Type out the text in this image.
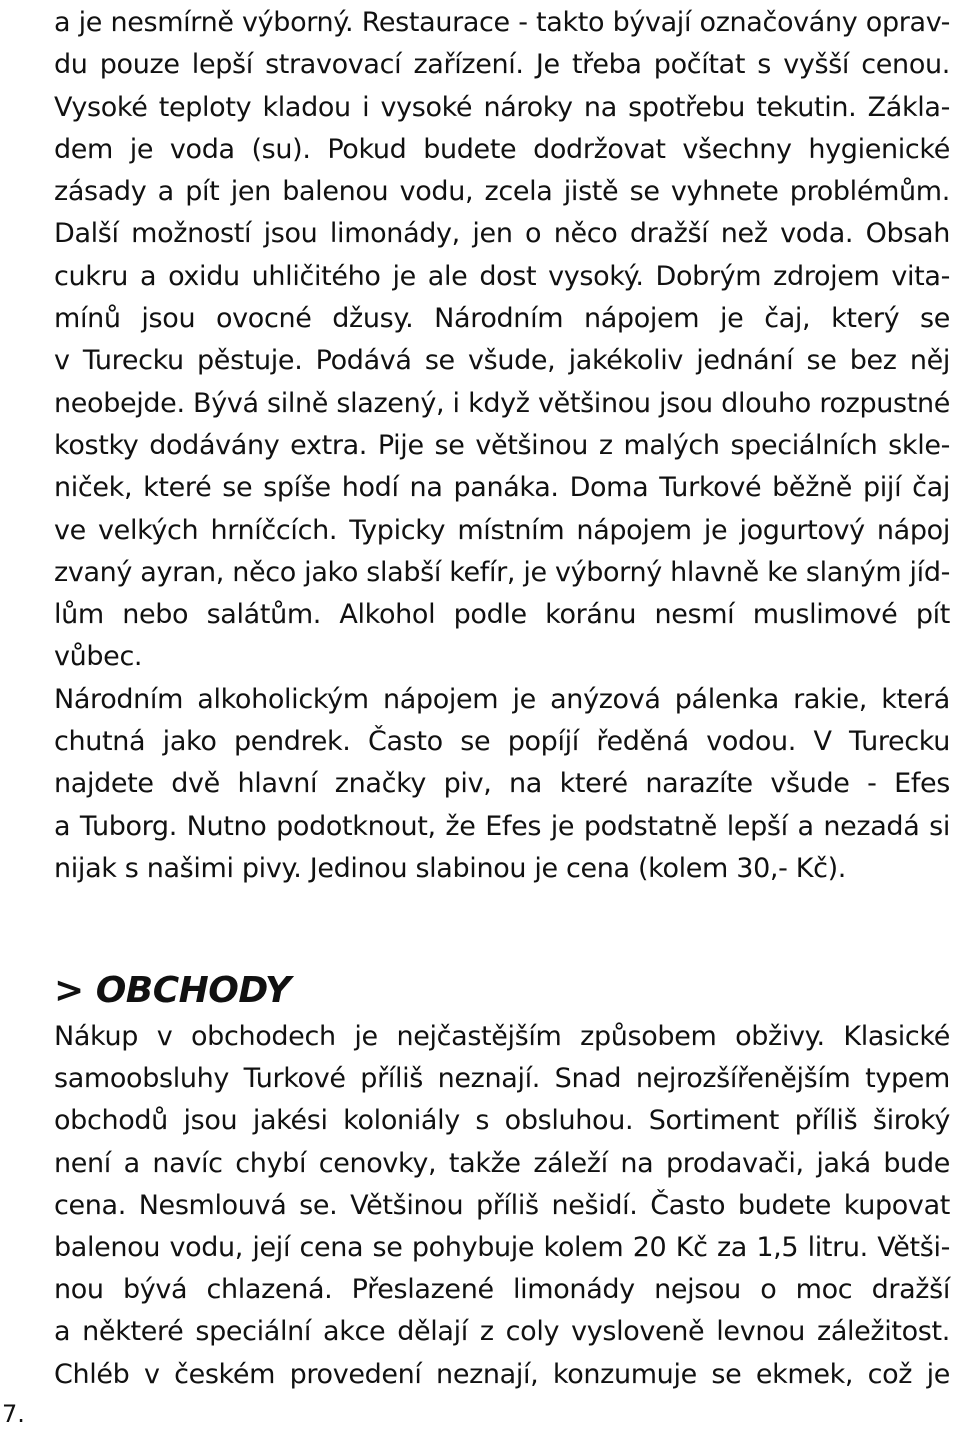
a je nesmírně výborný. Restaurace - takto bývají označovány oprav-
du pouze lepší stravovací zařízení. Je třeba počítat s vyšší cenou.
Vysoké teploty kladou i vysoké nároky na spotřebu tekutin. Zákla-
dem je voda (su). Pokud budete dodržovat všechny hygienické
zásady a pít jen balenou vodu, zcela jistě se vyhnete problémům.
Další možností jsou limonády, jen o něco dražší než voda. Obsah
cukru a oxidu uhličitého je ale dost vysoký. Dobrým zdrojem vita-
mínů jsou ovocné džusy. Národním nápojem je čaj, který se
v Turecku pěstuje. Podává se všude, jakékoliv jednání se bez něj
neobejde. Bývá silně slazený, i když většinou jsou dlouho rozpustné
kostky dodávány extra. Pije se většinou z malých speciálních skle-
niček, které se spíše hodí na panáka. Doma Turkové běžně pijí čaj
ve velkých hrníčcích. Typicky místním nápojem je jogurtový nápoj
zvaný ayran, něco jako slabší kefír, je výborný hlavně ke slaným jíd-
lům nebo salátům. Alkohol podle koránu nesmí muslimové pít
vůbec.
Národním alkoholickým nápojem je anýzová pálenka rakie, která
chutná jako pendrek. Často se popíjí ředěná vodou. V Turecku
najdete dvě hlavní značky piv, na které narazíte všude - Efes
a Tuborg. Nutno podotknout, že Efes je podstatně lepší a nezadá si
nijak s našimi pivy. Jedinou slabinou je cena (kolem 30,- Kč).
> OBCHODY
Nákup v obchodech je nejčastějším způsobem obživy. Klasické
samoobsluhy Turkové příliš neznají. Snad nejrozšířenějším typem
obchodů jsou jakési koloniály s obsluhou. Sortiment příliš široký
není a navíc chybí cenovky, takže záleží na prodavači, jaká bude
cena. Nesmlouvá se. Většinou příliš nešidí. Často budete kupovat
balenou vodu, její cena se pohybuje kolem 20 Kč za 1,5 litru. Větši-
nou bývá chlazená. Přeslazené limonády nejsou o moc dražší
a některé speciální akce dělají z coly vysloveně levnou záležitost.
Chléb v českém provedení neznají, konzumuje se ekmek, což je
7.
